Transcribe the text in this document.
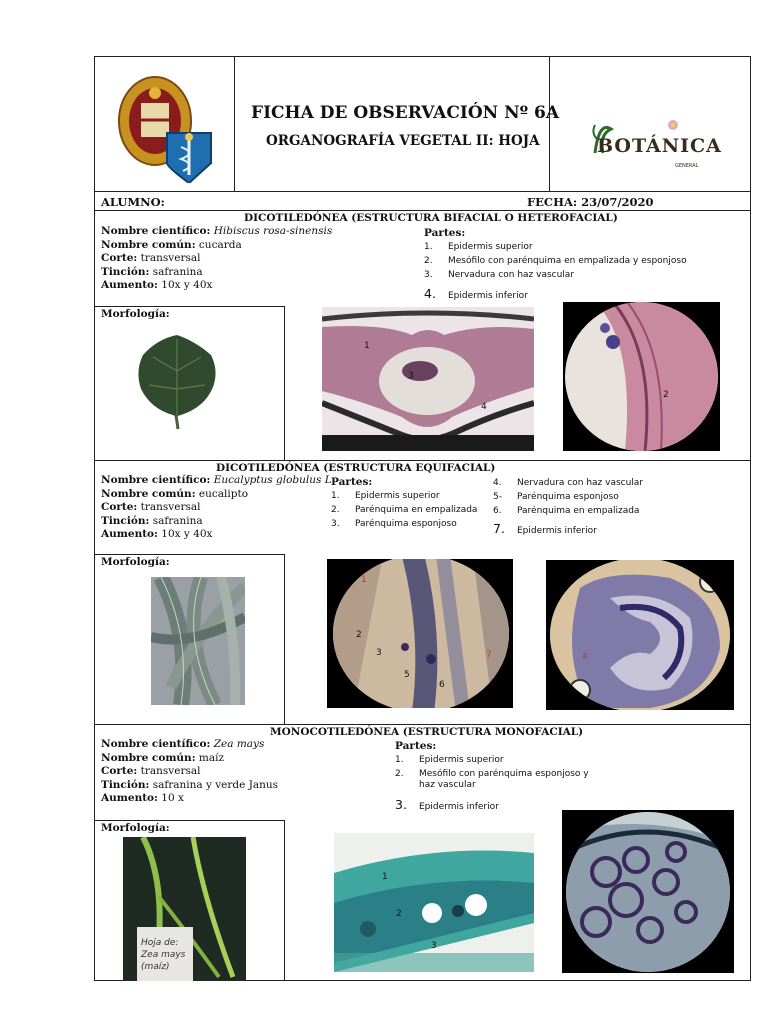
FICHA DE OBSERVACIÓN Nº 6A
ORGANOGRAFÍA VEGETAL II: HOJA	BOTÁNICA
GENERAL
ALUMNO:	FECHA: 23/07/2020
DICOTILEDÓNEA (ESTRUCTURA BIFACIAL O HETEROFACIAL)
Nombre científico: Hibiscus rosa-sinensis
Nombre común: cucarda
Corte: transversal
Tinción: safranina
Aumento: 10x y 40x
Partes:
1. Epidermis superior
2. Mesófilo con parénquima en empalizada y esponjoso
3. Nervadura con haz vascular
4. Epidermis inferior
Morfología:
1
3
4
2
DICOTILEDÓNEA (ESTRUCTURA EQUIFACIAL)
Nombre científico: Eucalyptus globulus L.
Nombre común: eucalipto
Corte: transversal
Tinción: safranina
Aumento: 10x y 40x
Partes:
1. Epidermis superior
2. Parénquima en empalizada
3. Parénquima esponjoso
4. Nervadura con haz vascular
5- Parénquima esponjoso
6. Parénquima en empalizada
7. Epidermis inferior
Morfología:
1
2
3
5
6
7	4
MONOCOTILEDÓNEA (ESTRUCTURA MONOFACIAL)
Nombre científico: Zea mays
Nombre común: maíz
Corte: transversal
Tinción: safranina y verde Janus
Aumento: 10 x
Partes:
1. Epidermis superior
2. Mesófilo con parénquima esponjoso y
haz vascular
3. Epidermis inferior
Morfología:
Hoja de: Zea mays (maíz)
1
2
3
